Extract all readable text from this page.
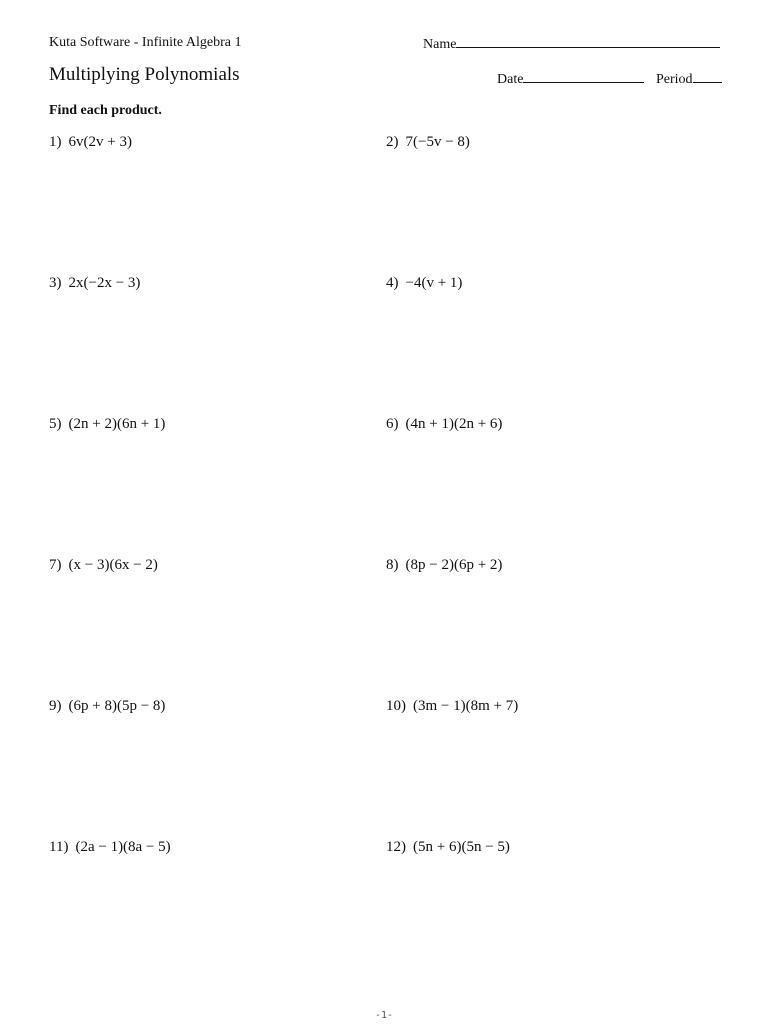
Kuta Software - Infinite Algebra 1	Name
Multiplying Polynomials	Date	Period
Find each product.
1) 6v(2v + 3)	2) 7(−5v − 8)
3) 2x(−2x − 3)	4) −4(v + 1)
5) (2n + 2)(6n + 1)	6) (4n + 1)(2n + 6)
7) (x − 3)(6x − 2)	8) (8p − 2)(6p + 2)
9) (6p + 8)(5p − 8)	10) (3m − 1)(8m + 7)
11) (2a − 1)(8a − 5)	12) (5n + 6)(5n − 5)
-1-
